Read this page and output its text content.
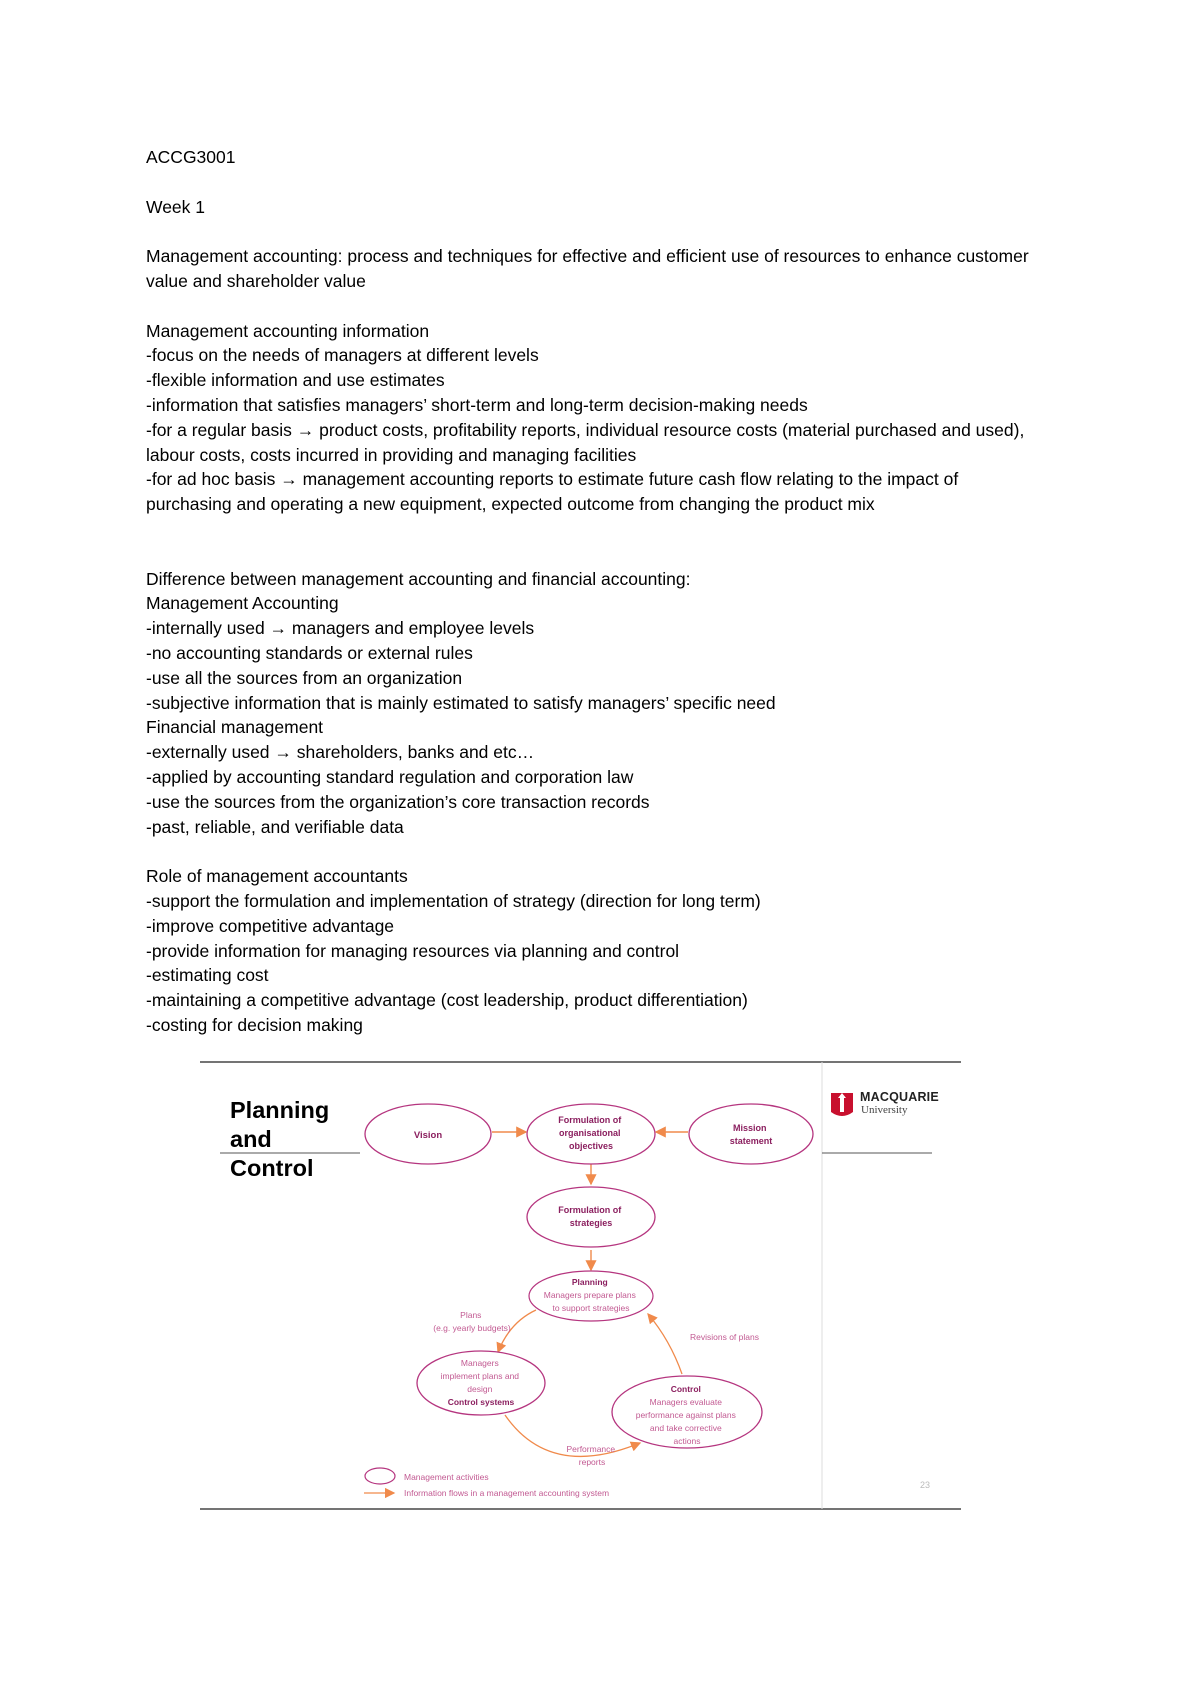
ACCG3001

Week 1

Management accounting: process and techniques for effective and efficient use of resources to enhance customer value and shareholder value

Management accounting information

-focus on the needs of managers at different levels

-flexible information and use estimates

-information that satisfies managers’ short-term and long-term decision-making needs

-for a regular basis → product costs, profitability reports, individual resource costs (material purchased and used), labour costs, costs incurred in providing and managing facilities

-for ad hoc basis → management accounting reports to estimate future cash flow relating to the impact of purchasing and operating a new equipment, expected outcome from changing the product mix

Difference between management accounting and financial accounting:

Management Accounting

-internally used → managers and employee levels

-no accounting standards or external rules

-use all the sources from an organization

-subjective information that is mainly estimated to satisfy managers’ specific need

Financial management

-externally used → shareholders, banks and etc…

-applied by accounting standard regulation and corporation law

-use the sources from the organization’s core transaction records

-past, reliable, and verifiable data

Role of management accountants

-support the formulation and implementation of strategy (direction for long term)

-improve competitive advantage

-provide information for managing resources via planning and control

-estimating cost

-maintaining a competitive advantage (cost leadership, product differentiation)

-costing for decision making

Vision
Formulation of organisational objectives
Mission statement
Formulation of strategies
Planning Managers prepare plans to support strategies
Managers implement plans and design Control systems
Control Managers evaluate performance against plans and take corrective actions
Plans (e.g. yearly budgets)
Revisions of plans
Performance reports
Management activities
Information flows in a management accounting system
Planning
and
Control
MACQUARIE
University
23
